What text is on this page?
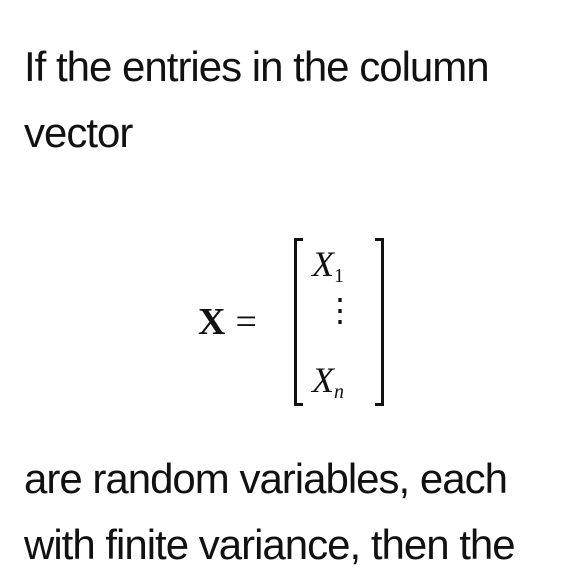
If the entries in the column
vector

X =
$X_1$
⋮
$X_n$

are random variables, each
with finite variance, then the
